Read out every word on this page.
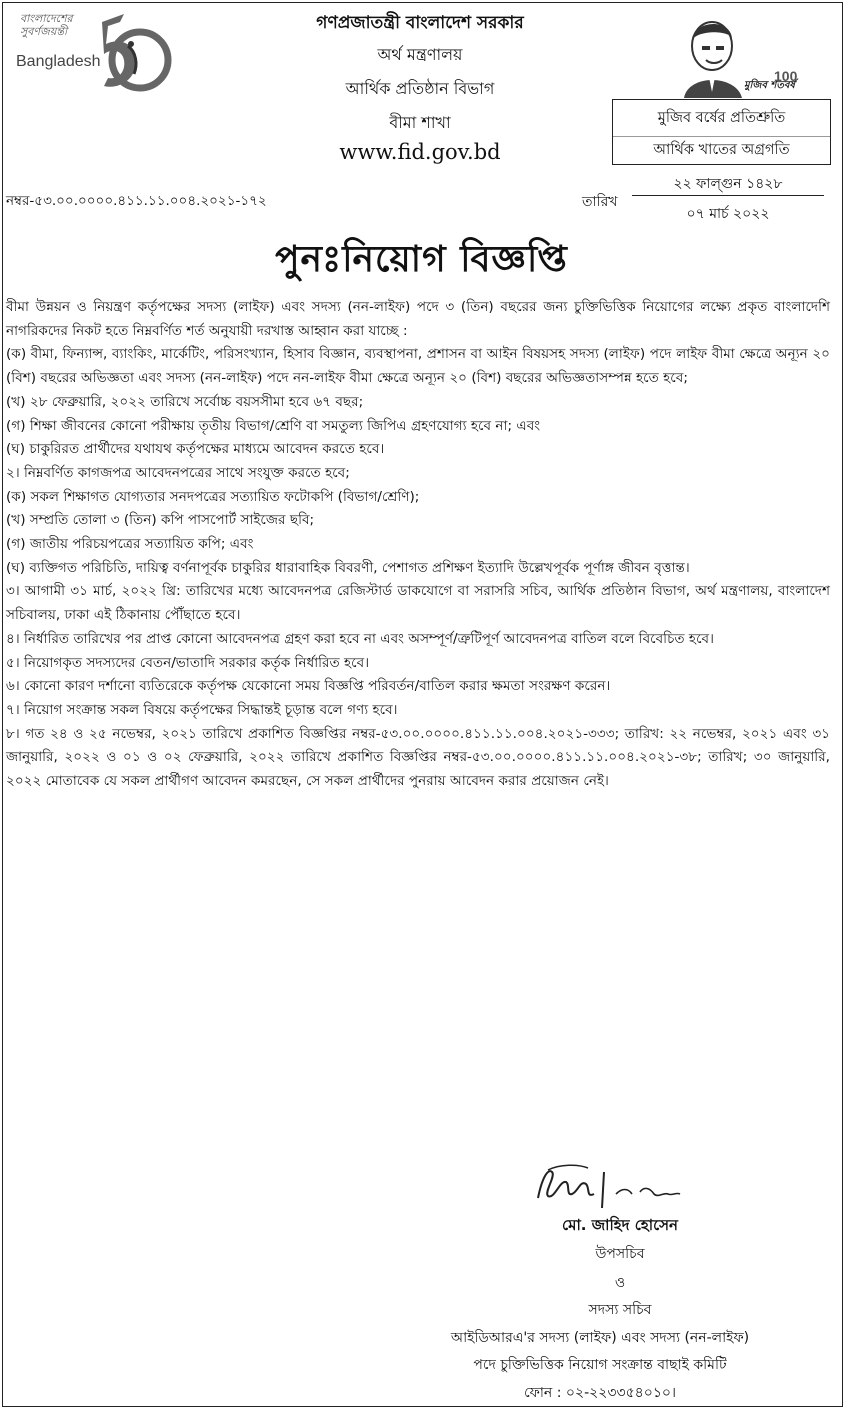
বাংলাদেশের
সুবর্ণজয়ন্তী
Bangladesh
গণপ্রজাতন্ত্রী বাংলাদেশ সরকার
অর্থ মন্ত্রণালয়
আর্থিক প্রতিষ্ঠান বিভাগ
বীমা শাখা
www.fid.gov.bd
মুজিব শতবর্ষ
100
মুজিব বর্ষের প্রতিশ্রুতি
আর্থিক খাতের অগ্রগতি
নম্বর-৫৩.০০.০০০০.৪১১.১১.০০৪.২০২১-১৭২	তারিখ
২২ ফাল্গুন ১৪২৮
০৭ মার্চ ২০২২
পুনঃনিয়োগ বিজ্ঞপ্তি

বীমা উন্নয়ন ও নিয়ন্ত্রণ কর্তৃপক্ষের সদস্য (লাইফ) এবং সদস্য (নন-লাইফ) পদে ৩ (তিন) বছরের জন্য চুক্তিভিত্তিক নিয়োগের লক্ষ্যে প্রকৃত বাংলাদেশি নাগরিকদের নিকট হতে নিম্নবর্ণিত শর্ত অনুযায়ী দরখাস্ত আহ্বান করা যাচ্ছে :

(ক) বীমা, ফিন্যান্স, ব্যাংকিং, মার্কেটিং, পরিসংখ্যান, হিসাব বিজ্ঞান, ব্যবস্থাপনা, প্রশাসন বা আইন বিষয়সহ সদস্য (লাইফ) পদে লাইফ বীমা ক্ষেত্রে অন্যূন ২০ (বিশ) বছরের অভিজ্ঞতা এবং সদস্য (নন-লাইফ) পদে নন-লাইফ বীমা ক্ষেত্রে অন্যূন ২০ (বিশ) বছরের অভিজ্ঞতাসম্পন্ন হতে হবে;

(খ) ২৮ ফেব্রুয়ারি, ২০২২ তারিখে সর্বোচ্চ বয়সসীমা হবে ৬৭ বছর;

(গ) শিক্ষা জীবনের কোনো পরীক্ষায় তৃতীয় বিভাগ/শ্রেণি বা সমতুল্য জিপিএ গ্রহণযোগ্য হবে না; এবং

(ঘ) চাকুরিরত প্রার্থীদের যথাযথ কর্তৃপক্ষের মাধ্যমে আবেদন করতে হবে।

২। নিম্নবর্ণিত কাগজপত্র আবেদনপত্রের সাথে সংযুক্ত করতে হবে;

(ক) সকল শিক্ষাগত যোগ্যতার সনদপত্রের সত্যায়িত ফটোকপি (বিভাগ/শ্রেণি);

(খ) সম্প্রতি তোলা ৩ (তিন) কপি পাসপোর্ট সাইজের ছবি;

(গ) জাতীয় পরিচয়পত্রের সত্যায়িত কপি; এবং

(ঘ) ব্যক্তিগত পরিচিতি, দায়িত্ব বর্ণনাপূর্বক চাকুরির ধারাবাহিক বিবরণী, পেশাগত প্রশিক্ষণ ইত্যাদি উল্লেখপূর্বক পূর্ণাঙ্গ জীবন বৃত্তান্ত।

৩। আগামী ৩১ মার্চ, ২০২২ খ্রি: তারিখের মধ্যে আবেদনপত্র রেজিস্টার্ড ডাকযোগে বা সরাসরি সচিব, আর্থিক প্রতিষ্ঠান বিভাগ, অর্থ মন্ত্রণালয়, বাংলাদেশ সচিবালয়, ঢাকা এই ঠিকানায় পৌঁছাতে হবে।

৪। নির্ধারিত তারিখের পর প্রাপ্ত কোনো আবেদনপত্র গ্রহণ করা হবে না এবং অসম্পূর্ণ/ত্রুটিপূর্ণ আবেদনপত্র বাতিল বলে বিবেচিত হবে।

৫। নিয়োগকৃত সদস্যদের বেতন/ভাতাদি সরকার কর্তৃক নির্ধারিত হবে।

৬। কোনো কারণ দর্শানো ব্যতিরেকে কর্তৃপক্ষ যেকোনো সময় বিজ্ঞপ্তি পরিবর্তন/বাতিল করার ক্ষমতা সংরক্ষণ করেন।

৭। নিয়োগ সংক্রান্ত সকল বিষয়ে কর্তৃপক্ষের সিদ্ধান্তই চূড়ান্ত বলে গণ্য হবে।

৮। গত ২৪ ও ২৫ নভেম্বর, ২০২১ তারিখে প্রকাশিত বিজ্ঞপ্তির নম্বর-৫৩.০০.০০০০.৪১১.১১.০০৪.২০২১-৩৩৩; তারিখ: ২২ নভেম্বর, ২০২১ এবং ৩১ জানুয়ারি, ২০২২ ও ০১ ও ০২ ফেব্রুয়ারি, ২০২২ তারিখে প্রকাশিত বিজ্ঞপ্তির নম্বর-৫৩.০০.০০০০.৪১১.১১.০০৪.২০২১-৩৮; তারিখ; ৩০ জানুয়ারি, ২০২২ মোতাবেক যে সকল প্রার্থীগণ আবেদন কমরছেন, সে সকল প্রার্থীদের পুনরায় আবেদন করার প্রয়োজন নেই।

মো. জাহিদ হোসেন
উপসচিব
ও
সদস্য সচিব
আইডিআরএ'র সদস্য (লাইফ) এবং সদস্য (নন-লাইফ)
পদে চুক্তিভিত্তিক নিয়োগ সংক্রান্ত বাছাই কমিটি
ফোন : ০২-২২৩৩৫৪০১০।
